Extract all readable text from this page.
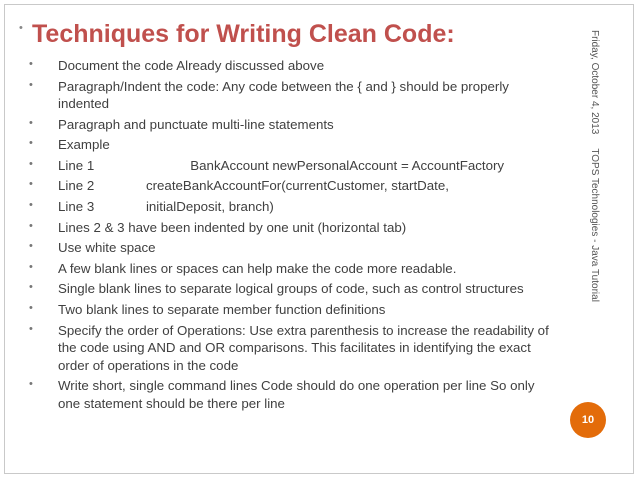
• Techniques for Writing Clean Code:
• Document the code Already discussed above
• Paragraph/Indent the code: Any code between the { and } should be properly indented
• Paragraph and punctuate multi-line statements
• Example
• Line 1                          BankAccount newPersonalAccount = AccountFactory
• Line 2              createBankAccountFor(currentCustomer, startDate,
• Line 3              initialDeposit, branch)
• Lines 2 & 3 have been indented by one unit (horizontal tab)
• Use white space
• A few blank lines or spaces can help make the code more readable.
• Single blank lines to separate logical groups of code, such as control structures
• Two blank lines to separate member function definitions
• Specify the order of Operations: Use extra parenthesis to increase the readability of the code using AND and OR comparisons. This facilitates in identifying the exact order of operations in the code
• Write short, single command lines Code should do one operation per line So only one statement should be there per line
Friday, October 4, 2013TOPS Technologies - Java Tutorial
10
